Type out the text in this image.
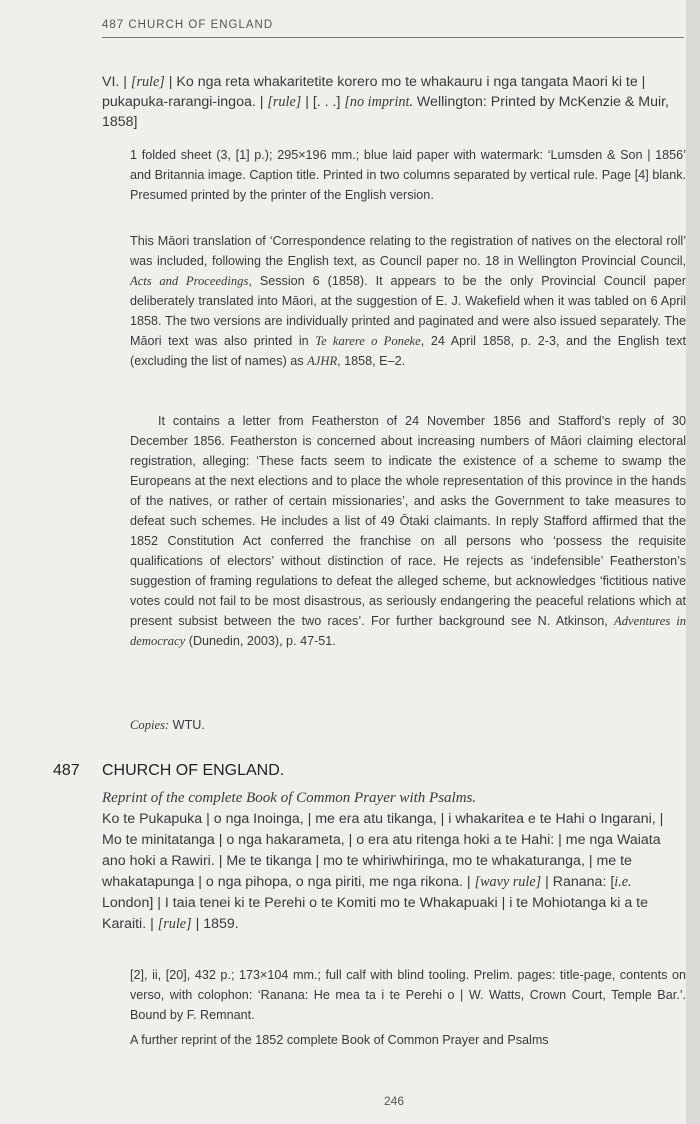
487 CHURCH OF ENGLAND
VI. | [rule] | Ko nga reta whakaritetite korero mo te whakauru i nga tangata Maori ki te | pukapuka-rarangi-ingoa. | [rule] | [. . .] [no imprint. Wellington: Printed by McKenzie & Muir, 1858]
1 folded sheet (3, [1] p.); 295×196 mm.; blue laid paper with watermark: ‘Lumsden & Son | 1856’ and Britannia image. Caption title. Printed in two columns separated by vertical rule. Page [4] blank. Presumed printed by the printer of the English version.
This Māori translation of ‘Correspondence relating to the registration of natives on the electoral roll’ was included, following the English text, as Council paper no. 18 in Wellington Provincial Council, Acts and Proceedings, Session 6 (1858). It appears to be the only Provincial Council paper deliberately translated into Māori, at the suggestion of E. J. Wakefield when it was tabled on 6 April 1858. The two versions are individually printed and paginated and were also issued separately. The Māori text was also printed in Te karere o Poneke, 24 April 1858, p. 2-3, and the English text (excluding the list of names) as AJHR, 1858, E–2.
It contains a letter from Featherston of 24 November 1856 and Stafford’s reply of 30 December 1856. Featherston is concerned about increasing numbers of Māori claiming electoral registration, alleging: ‘These facts seem to indicate the existence of a scheme to swamp the Europeans at the next elections and to place the whole representation of this province in the hands of the natives, or rather of certain missionaries’, and asks the Government to take measures to defeat such schemes. He includes a list of 49 Ōtaki claimants. In reply Stafford affirmed that the 1852 Constitution Act conferred the franchise on all persons who ‘possess the requisite qualifications of electors’ without distinction of race. He rejects as ‘indefensible’ Featherston’s suggestion of framing regulations to defeat the alleged scheme, but acknowledges ‘fictitious native votes could not fail to be most disastrous, as seriously endangering the peaceful relations which at present subsist between the two races’. For further background see N. Atkinson, Adventures in democracy (Dunedin, 2003), p. 47-51.
Copies: WTU.
487 CHURCH OF ENGLAND.
Reprint of the complete Book of Common Prayer with Psalms.
Ko te Pukapuka | o nga Inoinga, | me era atu tikanga, | i whakaritea e te Hahi o Ingarani, | Mo te minitatanga | o nga hakarameta, | o era atu ritenga hoki a te Hahi: | me nga Waiata ano hoki a Rawiri. | Me te tikanga | mo te whiriwhiringa, mo te whakaturanga, | me te whakatapunga | o nga pihopa, o nga piriti, me nga rikona. | [wavy rule] | Ranana: [i.e. London] | I taia tenei ki te Perehi o te Komiti mo te Whakapuaki | i te Mohiotanga ki a te Karaiti. | [rule] | 1859.
[2], ii, [20], 432 p.; 173×104 mm.; full calf with blind tooling. Prelim. pages: title-page, contents on verso, with colophon: ‘Ranana: He mea ta i te Perehi o | W. Watts, Crown Court, Temple Bar.’. Bound by F. Remnant.
A further reprint of the 1852 complete Book of Common Prayer and Psalms
246
